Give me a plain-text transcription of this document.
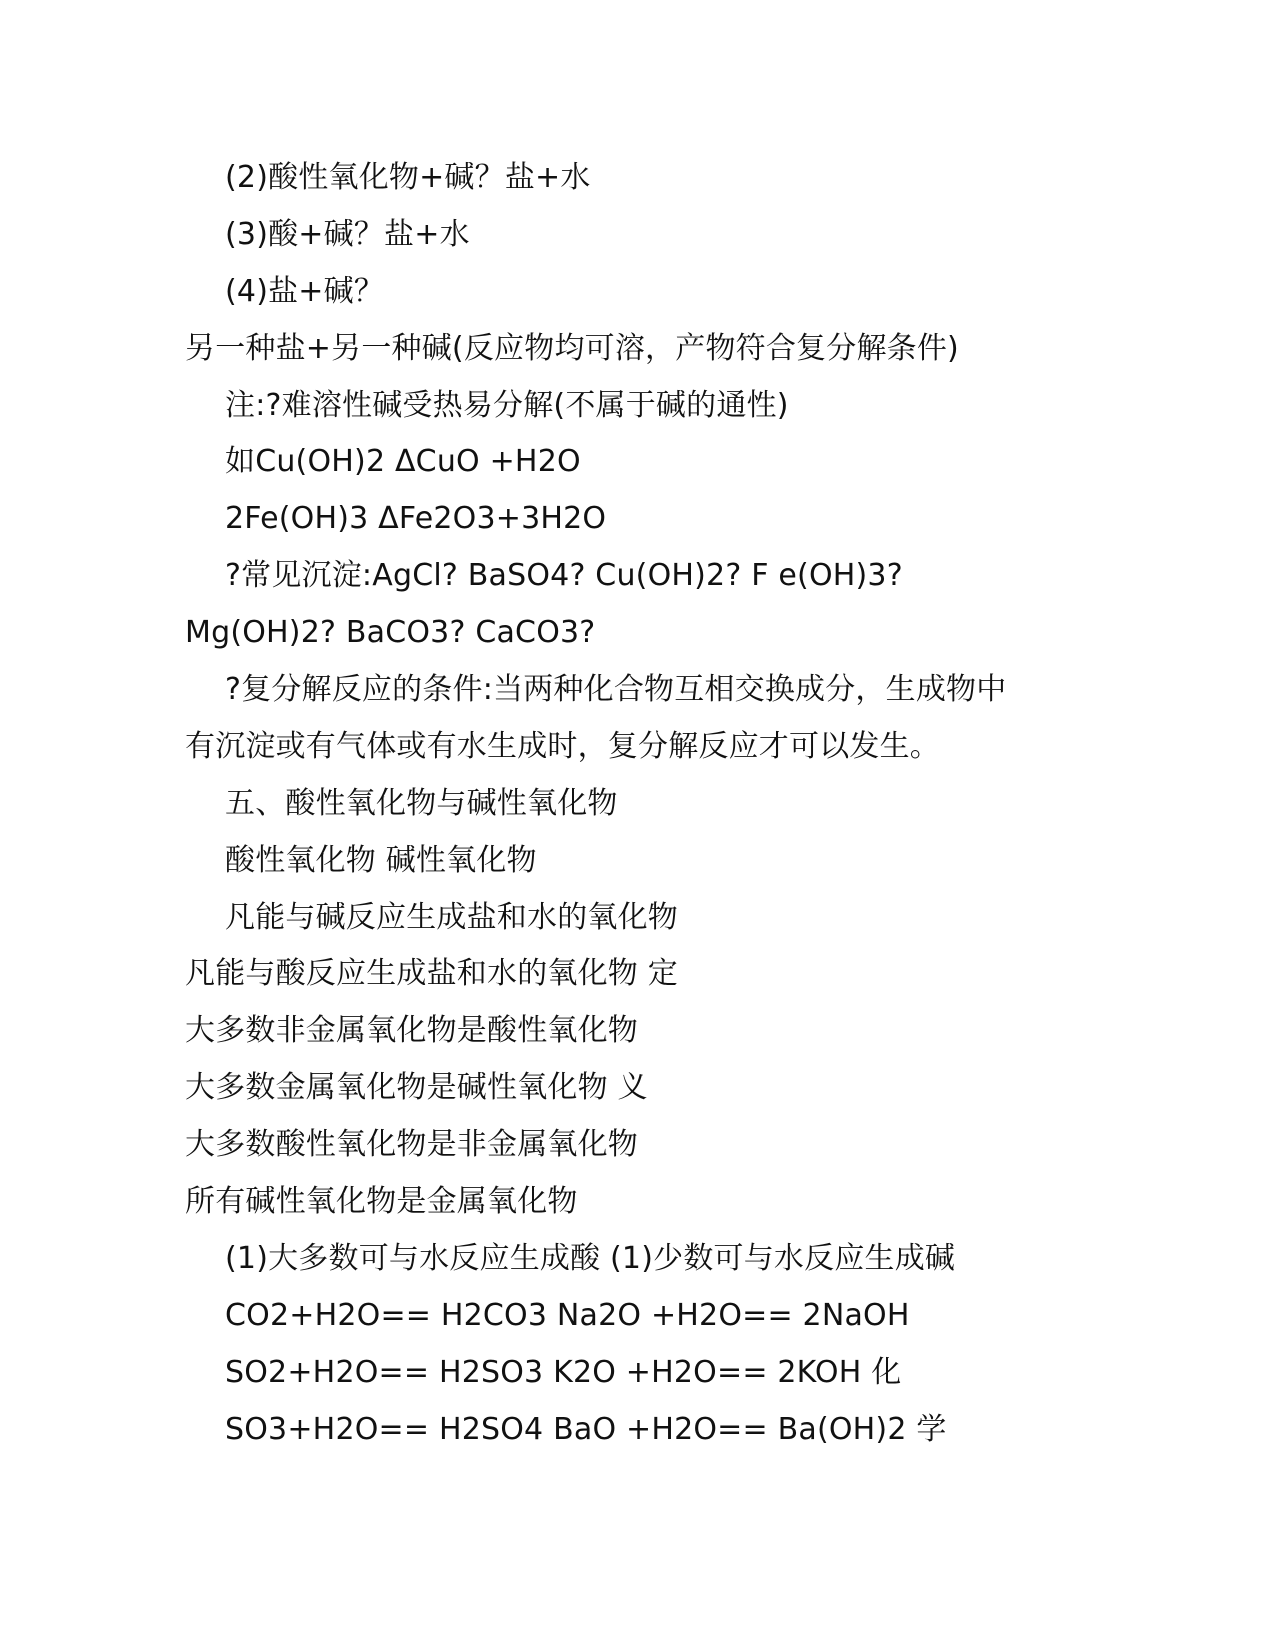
(2)酸性氧化物+碱？盐+水
(3)酸+碱？盐+水
(4)盐+碱？
另一种盐+另一种碱(反应物均可溶，产物符合复分解条件)
注:?难溶性碱受热易分解(不属于碱的通性)
如Cu(OH)2 ΔCuO +H2O
2Fe(OH)3 ΔFe2O3+3H2O
?常见沉淀:AgCl? BaSO4? Cu(OH)2? F e(OH)3?
Mg(OH)2? BaCO3? CaCO3?
?复分解反应的条件:当两种化合物互相交换成分，生成物中
有沉淀或有气体或有水生成时，复分解反应才可以发生。
五、酸性氧化物与碱性氧化物
酸性氧化物 碱性氧化物
凡能与碱反应生成盐和水的氧化物
凡能与酸反应生成盐和水的氧化物 定
大多数非金属氧化物是酸性氧化物
大多数金属氧化物是碱性氧化物 义
大多数酸性氧化物是非金属氧化物
所有碱性氧化物是金属氧化物
(1)大多数可与水反应生成酸 (1)少数可与水反应生成碱
CO2+H2O== H2CO3 Na2O +H2O== 2NaOH
SO2+H2O== H2SO3 K2O +H2O== 2KOH 化
SO3+H2O== H2SO4 BaO +H2O== Ba(OH)2 学
